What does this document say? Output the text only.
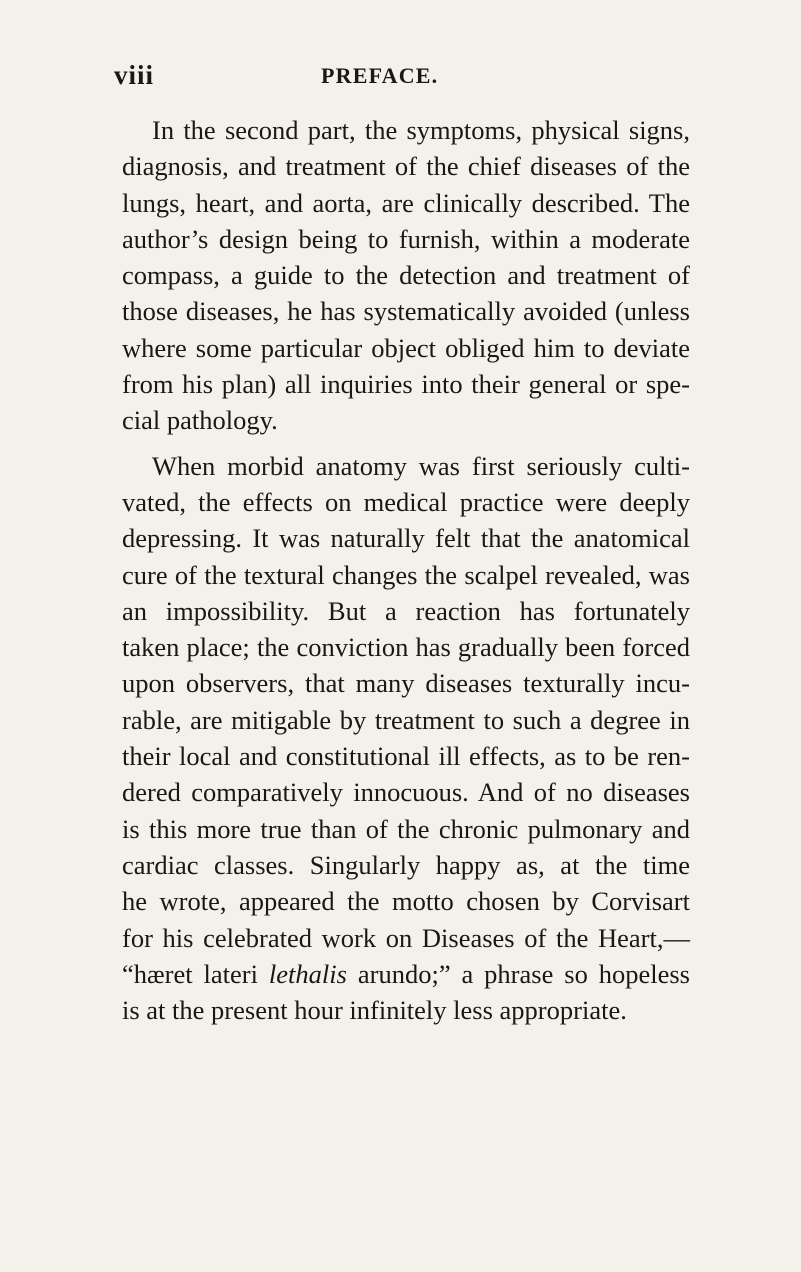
viii	PREFACE.
In the second part, the symptoms, physical signs,
diagnosis, and treatment of the chief diseases of the
lungs, heart, and aorta, are clinically described. The
author’s design being to furnish, within a moderate
compass, a guide to the detection and treatment of
those diseases, he has systematically avoided (unless
where some particular object obliged him to deviate
from his plan) all inquiries into their general or spe-
cial pathology.
When morbid anatomy was first seriously culti-
vated, the effects on medical practice were deeply
depressing. It was naturally felt that the anatomical
cure of the textural changes the scalpel revealed, was
an impossibility. But a reaction has fortunately
taken place; the conviction has gradually been forced
upon observers, that many diseases texturally incu-
rable, are mitigable by treatment to such a degree in
their local and constitutional ill effects, as to be ren-
dered comparatively innocuous. And of no diseases
is this more true than of the chronic pulmonary and
cardiac classes. Singularly happy as, at the time
he wrote, appeared the motto chosen by Corvisart
for his celebrated work on Diseases of the Heart,—
“hæret lateri lethalis arundo;” a phrase so hopeless
is at the present hour infinitely less appropriate.
